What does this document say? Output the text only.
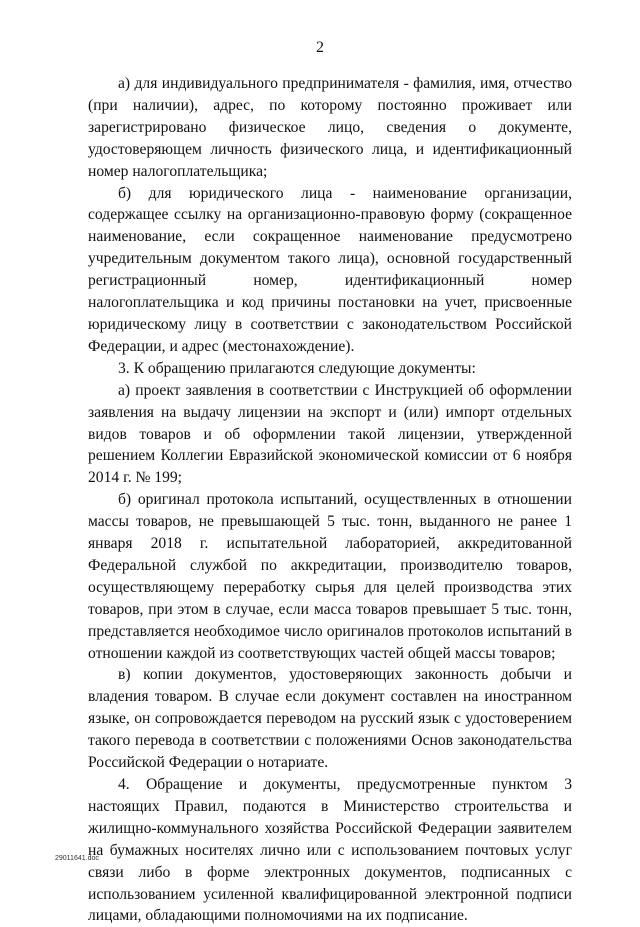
2

а) для индивидуального предпринимателя - фамилия, имя, отчество (при наличии), адрес, по которому постоянно проживает или зарегистрировано физическое лицо, сведения о документе, удостоверяющем личность физического лица, и идентификационный номер налогоплательщика;

б) для юридического лица - наименование организации, содержащее ссылку на организационно-правовую форму (сокращенное наименование, если сокращенное наименование предусмотрено учредительным документом такого лица), основной государственный регистрационный номер, идентификационный номер налогоплательщика и код причины постановки на учет, присвоенные юридическому лицу в соответствии с законодательством Российской Федерации, и адрес (местонахождение).

3. К обращению прилагаются следующие документы:

а) проект заявления в соответствии с Инструкцией об оформлении заявления на выдачу лицензии на экспорт и (или) импорт отдельных видов товаров и об оформлении такой лицензии, утвержденной решением Коллегии Евразийской экономической комиссии от 6 ноября 2014 г. № 199;

б) оригинал протокола испытаний, осуществленных в отношении массы товаров, не превышающей 5 тыс. тонн, выданного не ранее 1 января 2018 г. испытательной лабораторией, аккредитованной Федеральной службой по аккредитации, производителю товаров, осуществляющему переработку сырья для целей производства этих товаров, при этом в случае, если масса товаров превышает 5 тыс. тонн, представляется необходимое число оригиналов протоколов испытаний в отношении каждой из соответствующих частей общей массы товаров;

в) копии документов, удостоверяющих законность добычи и владения товаром. В случае если документ составлен на иностранном языке, он сопровождается переводом на русский язык с удостоверением такого перевода в соответствии с положениями Основ законодательства Российской Федерации о нотариате.

4. Обращение и документы, предусмотренные пунктом 3 настоящих Правил, подаются в Министерство строительства и жилищно-коммунального хозяйства Российской Федерации заявителем на бумажных носителях лично или с использованием почтовых услуг связи либо в форме электронных документов, подписанных с использованием усиленной квалифицированной электронной подписи лицами, обладающими полномочиями на их подписание.

29011641.doc
